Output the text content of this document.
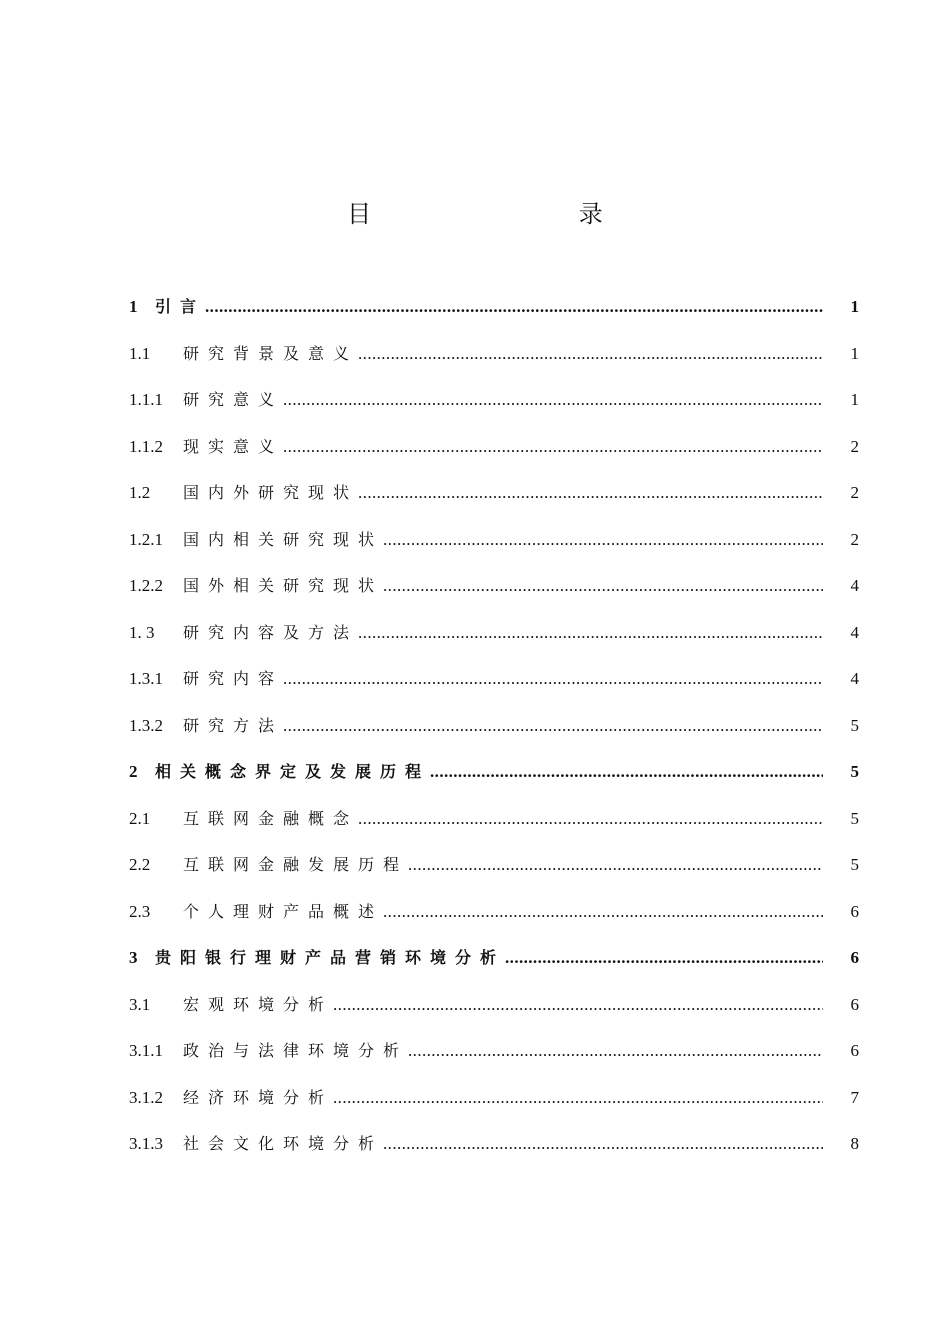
目 录
1	引言 .....	1
1.1	研究背景及意义 .....	1
1.1.1	研究意义 .....	1
1.1.2	现实意义 .....	2
1.2	国内外研究现状 .....	2
1.2.1	国内相关研究现状 .....	2
1.2.2	国外相关研究现状 .....	4
1. 3	研究内容及方法 .....	4
1.3.1	研究内容 .....	4
1.3.2	研究方法 .....	5
2	相关概念界定及发展历程 .....	5
2.1	互联网金融概念 .....	5
2.2	互联网金融发展历程 .....	5
2.3	个人理财产品概述 .....	6
3	贵阳银行理财产品营销环境分析 .....	6
3.1	宏观环境分析 .....	6
3.1.1	政治与法律环境分析 .....	6
3.1.2	经济环境分析 .....	7
3.1.3	社会文化环境分析 .....	8
